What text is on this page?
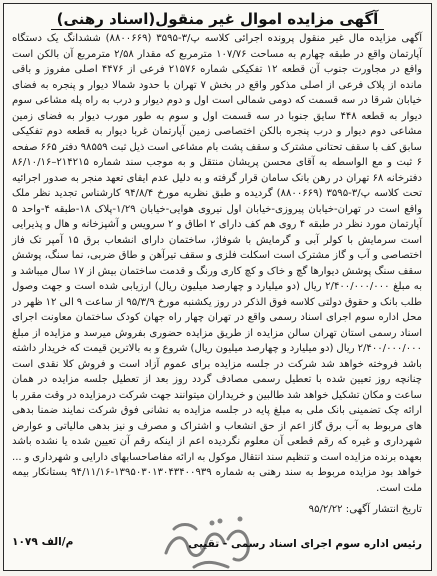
آگهی مزایده اموال غیر منقول(اسناد رهنی)
آگهی مزایده مال غیر منقول پرونده اجرائی کلاسه پ/۳-۳۵۹۵ (۸۸۰۰۶۶۹) ششدانگ یک دستگاه آپارتمان واقع در طبقه چهارم به مساحت ۱۰۷/۷۶ مترمربع که مقدار ۲/۵۸ مترمربع آن بالکن است واقع در مجاورت جنوب آن قطعه ۱۲ تفکیکی شماره ۲۱۵۷۶ فرعی از ۴۴۷۶ اصلی مفروز و باقی مانده از پلاک فرعی از اصلی مذکور واقع در بخش ۷ تهران با حدود شمالا دیوار و پنجره به فضای خیابان شرقا در سه قسمت که دومی شمالی است اول و دوم دیوار و درب به راه پله مشاعی سوم دیوار به قطعه ۴۴۸ سایق جنوبا در سه قسمت اول و سوم به طور مورب دیوار به فضای زمین مشاعی دوم دیوار و درب پنجره بالکن اختصاصی زمین آپارتمان غربا دیوار به قطعه دوم تفکیکی سابق کف با سقف تحتانی مشترک و سقف پشت بام مشاعی است ذیل ثبت ۹۸۵۵۹ دفتر ۶۶۵ صفحه ۶ ثبت و مع الواسطه به آقای محسن پریشان منتقل و به موجب سند شماره ۲۱۴۲۱۵–۸۶/۱۰/۱۶ دفترخانه ۶۸ تهران در رهن بانک سامان قرار گرفته و به دلیل عدم ایفای تعهد منجر به صدور اجرائیه تحت کلاسه پ/۳-۳۵۹۵ (۸۸۰۰۶۶۹) گردیده و طبق نظریه مورخ ۹۴/۸/۴ کارشناس تجدید نظر ملک واقع است در تهران-خیابان پیروزی-خیابان اول نیروی هوایی-خیابان ۱/۲۹-پلاک ۱۸-طبقه ۴-واحد ۵ آپارتمان مورد نظر در طبقه ۴ روی هم کف دارای ۲ اطاق و ۲ سرویس و آشپزخانه و هال و پذیرایی است سرمایش با کولر آبی و گرمایش با شوفاژ، ساختمان دارای انشعاب برق ۱۵ آمپر تک فاز اختصاصی و آب و گاز مشترک است اسکلت فلزی و سقف تیرآهن و طاق ضربی، نما سنگ، پوشش سقف سنگ پوشش دیوارها گچ و خاک و کچ کاری ورنگ و قدمت ساختمان بیش از ۱۷ سال میباشد و به مبلغ ۲/۴۰۰/۰۰۰/۰۰۰ ریال (دو میلیارد و چهارصد میلیون ریال) ارزیابی شده است و جهت وصول طلب بانک و حقوق دولتی کلاسه فوق الذکر در روز یکشنبه مورخ ۹۵/۳/۹ از ساعت ۹ الی ۱۲ ظهر در محل اداره سوم اجرای اسناد رسمی واقع در تهران چهار راه جهان کودک ساختمان معاونت اجرای اسناد رسمی استان تهران سالن مزایده از طریق مزایده حضوری بفروش میرسد و مزایده از مبلغ ۲/۴۰۰/۰۰۰/۰۰۰ ریال (دو میلیارد و چهارصد میلیون ریال) شروع و به بالاترین قیمت که خریدار داشته باشد فروخته خواهد شد شرکت در جلسه مزایده برای عموم آزاد است و فروش کلا نقدی است چنانچه روز تعیین شده با تعطیل رسمی مصادف گردد روز بعد از تعطیل جلسه مزایده در همان ساعت و مکان تشکیل خواهد شد طالبین و خریداران میتوانند جهت شرکت درمزایده در وقت مقرر با ارائه چک تضمینی بانک ملی به مبلغ پایه در جلسه مزایده به نشانی فوق شرکت نمایند ضمنا بدهی های مربوط به آب برق گاز اعم از حق انشعاب و اشتراک و مصرف و نیز بدهی مالیاتی و عوارض شهرداری و غیره که رقم قطعی آن معلوم نگردیده اعم از اینکه رقم آن تعیین شده یا نشده باشد بعهده برنده مزایده است و تنظیم سند انتقال موکول به ارائه مفاصاحسابهای دارایی و شهرداری و ... خواهد بود مزایده مربوط به سند رهنی به شماره ۱۳۹۵۰۳۰۱۳۰۴۳۴۰۰۹۳۹-۹۴/۱۱/۱۶ بستانکار بیمه ملت است.
تاریخ انتشار آگهی: ۹۵/۲/۲۲
رئیس اداره سوم اجرای اسناد رسمی - تقیپی
۱۰۷۹ م/الف
